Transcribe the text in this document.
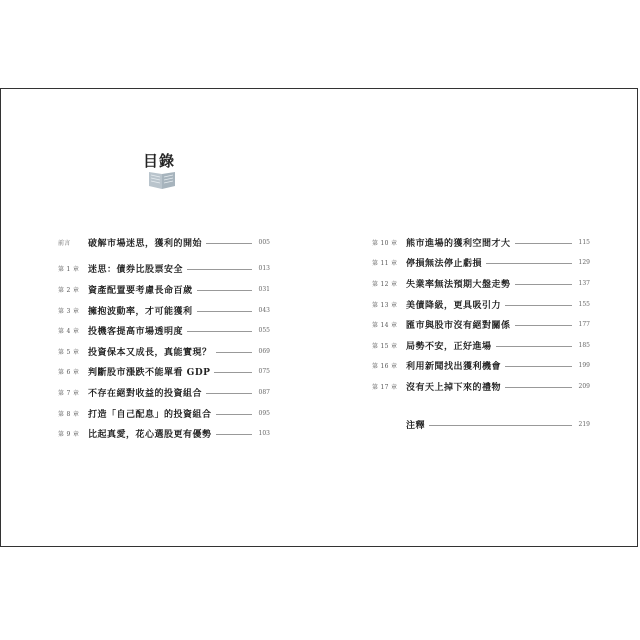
目錄
前言	破解市場迷思，獲利的開始	005
第 1 章 迷思：債券比股票安全	013
第 2 章 資產配置要考慮長命百歲	031
第 3 章 擁抱波動率，才可能獲利	043
第 4 章 投機客提高市場透明度	055
第 5 章 投資保本又成長，真能實現？	069
第 6 章 判斷股市漲跌不能單看 GDP	075
第 7 章 不存在絕對收益的投資組合	087
第 8 章 打造「自己配息」的投資組合	095
第 9 章 比起真愛，花心選股更有優勢	103
第 10 章 熊市進場的獲利空間才大	115
第 11 章 停損無法停止虧損	129
第 12 章 失業率無法預期大盤走勢	137
第 13 章 美債降級，更具吸引力	155
第 14 章 匯市與股市沒有絕對關係	177
第 15 章 局勢不安，正好進場	185
第 16 章 利用新聞找出獲利機會	199
第 17 章 沒有天上掉下來的禮物	209
注釋	219
